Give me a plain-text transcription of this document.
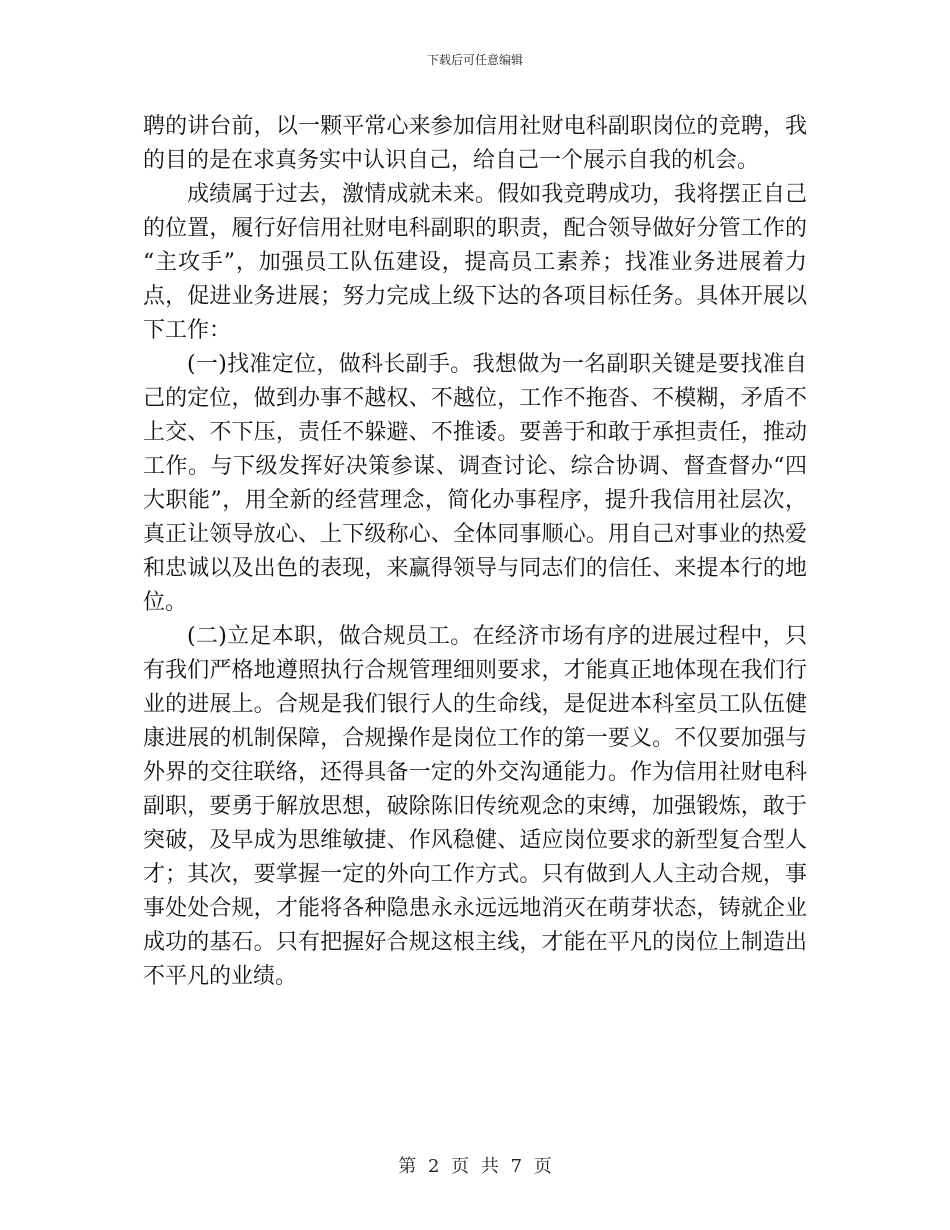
下载后可任意编辑
聘的讲台前，以一颗平常心来参加信用社财电科副职岗位的竞聘，我
的目的是在求真务实中认识自己，给自己一个展示自我的机会。
成绩属于过去，激情成就未来。假如我竞聘成功，我将摆正自己
的位置，履行好信用社财电科副职的职责，配合领导做好分管工作的
“主攻手”，加强员工队伍建设，提高员工素养；找准业务进展着力
点，促进业务进展；努力完成上级下达的各项目标任务。具体开展以
下工作：
(一)找准定位，做科长副手。我想做为一名副职关键是要找准自
己的定位，做到办事不越权、不越位，工作不拖沓、不模糊，矛盾不
上交、不下压，责任不躲避、不推诿。要善于和敢于承担责任，推动
工作。与下级发挥好决策参谋、调查讨论、综合协调、督查督办“四
大职能”，用全新的经营理念，简化办事程序，提升我信用社层次，
真正让领导放心、上下级称心、全体同事顺心。用自己对事业的热爱
和忠诚以及出色的表现，来赢得领导与同志们的信任、来提本行的地
位。
(二)立足本职，做合规员工。在经济市场有序的进展过程中，只
有我们严格地遵照执行合规管理细则要求，才能真正地体现在我们行
业的进展上。合规是我们银行人的生命线，是促进本科室员工队伍健
康进展的机制保障，合规操作是岗位工作的第一要义。不仅要加强与
外界的交往联络，还得具备一定的外交沟通能力。作为信用社财电科
副职，要勇于解放思想，破除陈旧传统观念的束缚，加强锻炼，敢于
突破，及早成为思维敏捷、作风稳健、适应岗位要求的新型复合型人
才；其次，要掌握一定的外向工作方式。只有做到人人主动合规，事
事处处合规，才能将各种隐患永永远远地消灭在萌芽状态，铸就企业
成功的基石。只有把握好合规这根主线，才能在平凡的岗位上制造出
不平凡的业绩。
第 2 页 共 7 页
